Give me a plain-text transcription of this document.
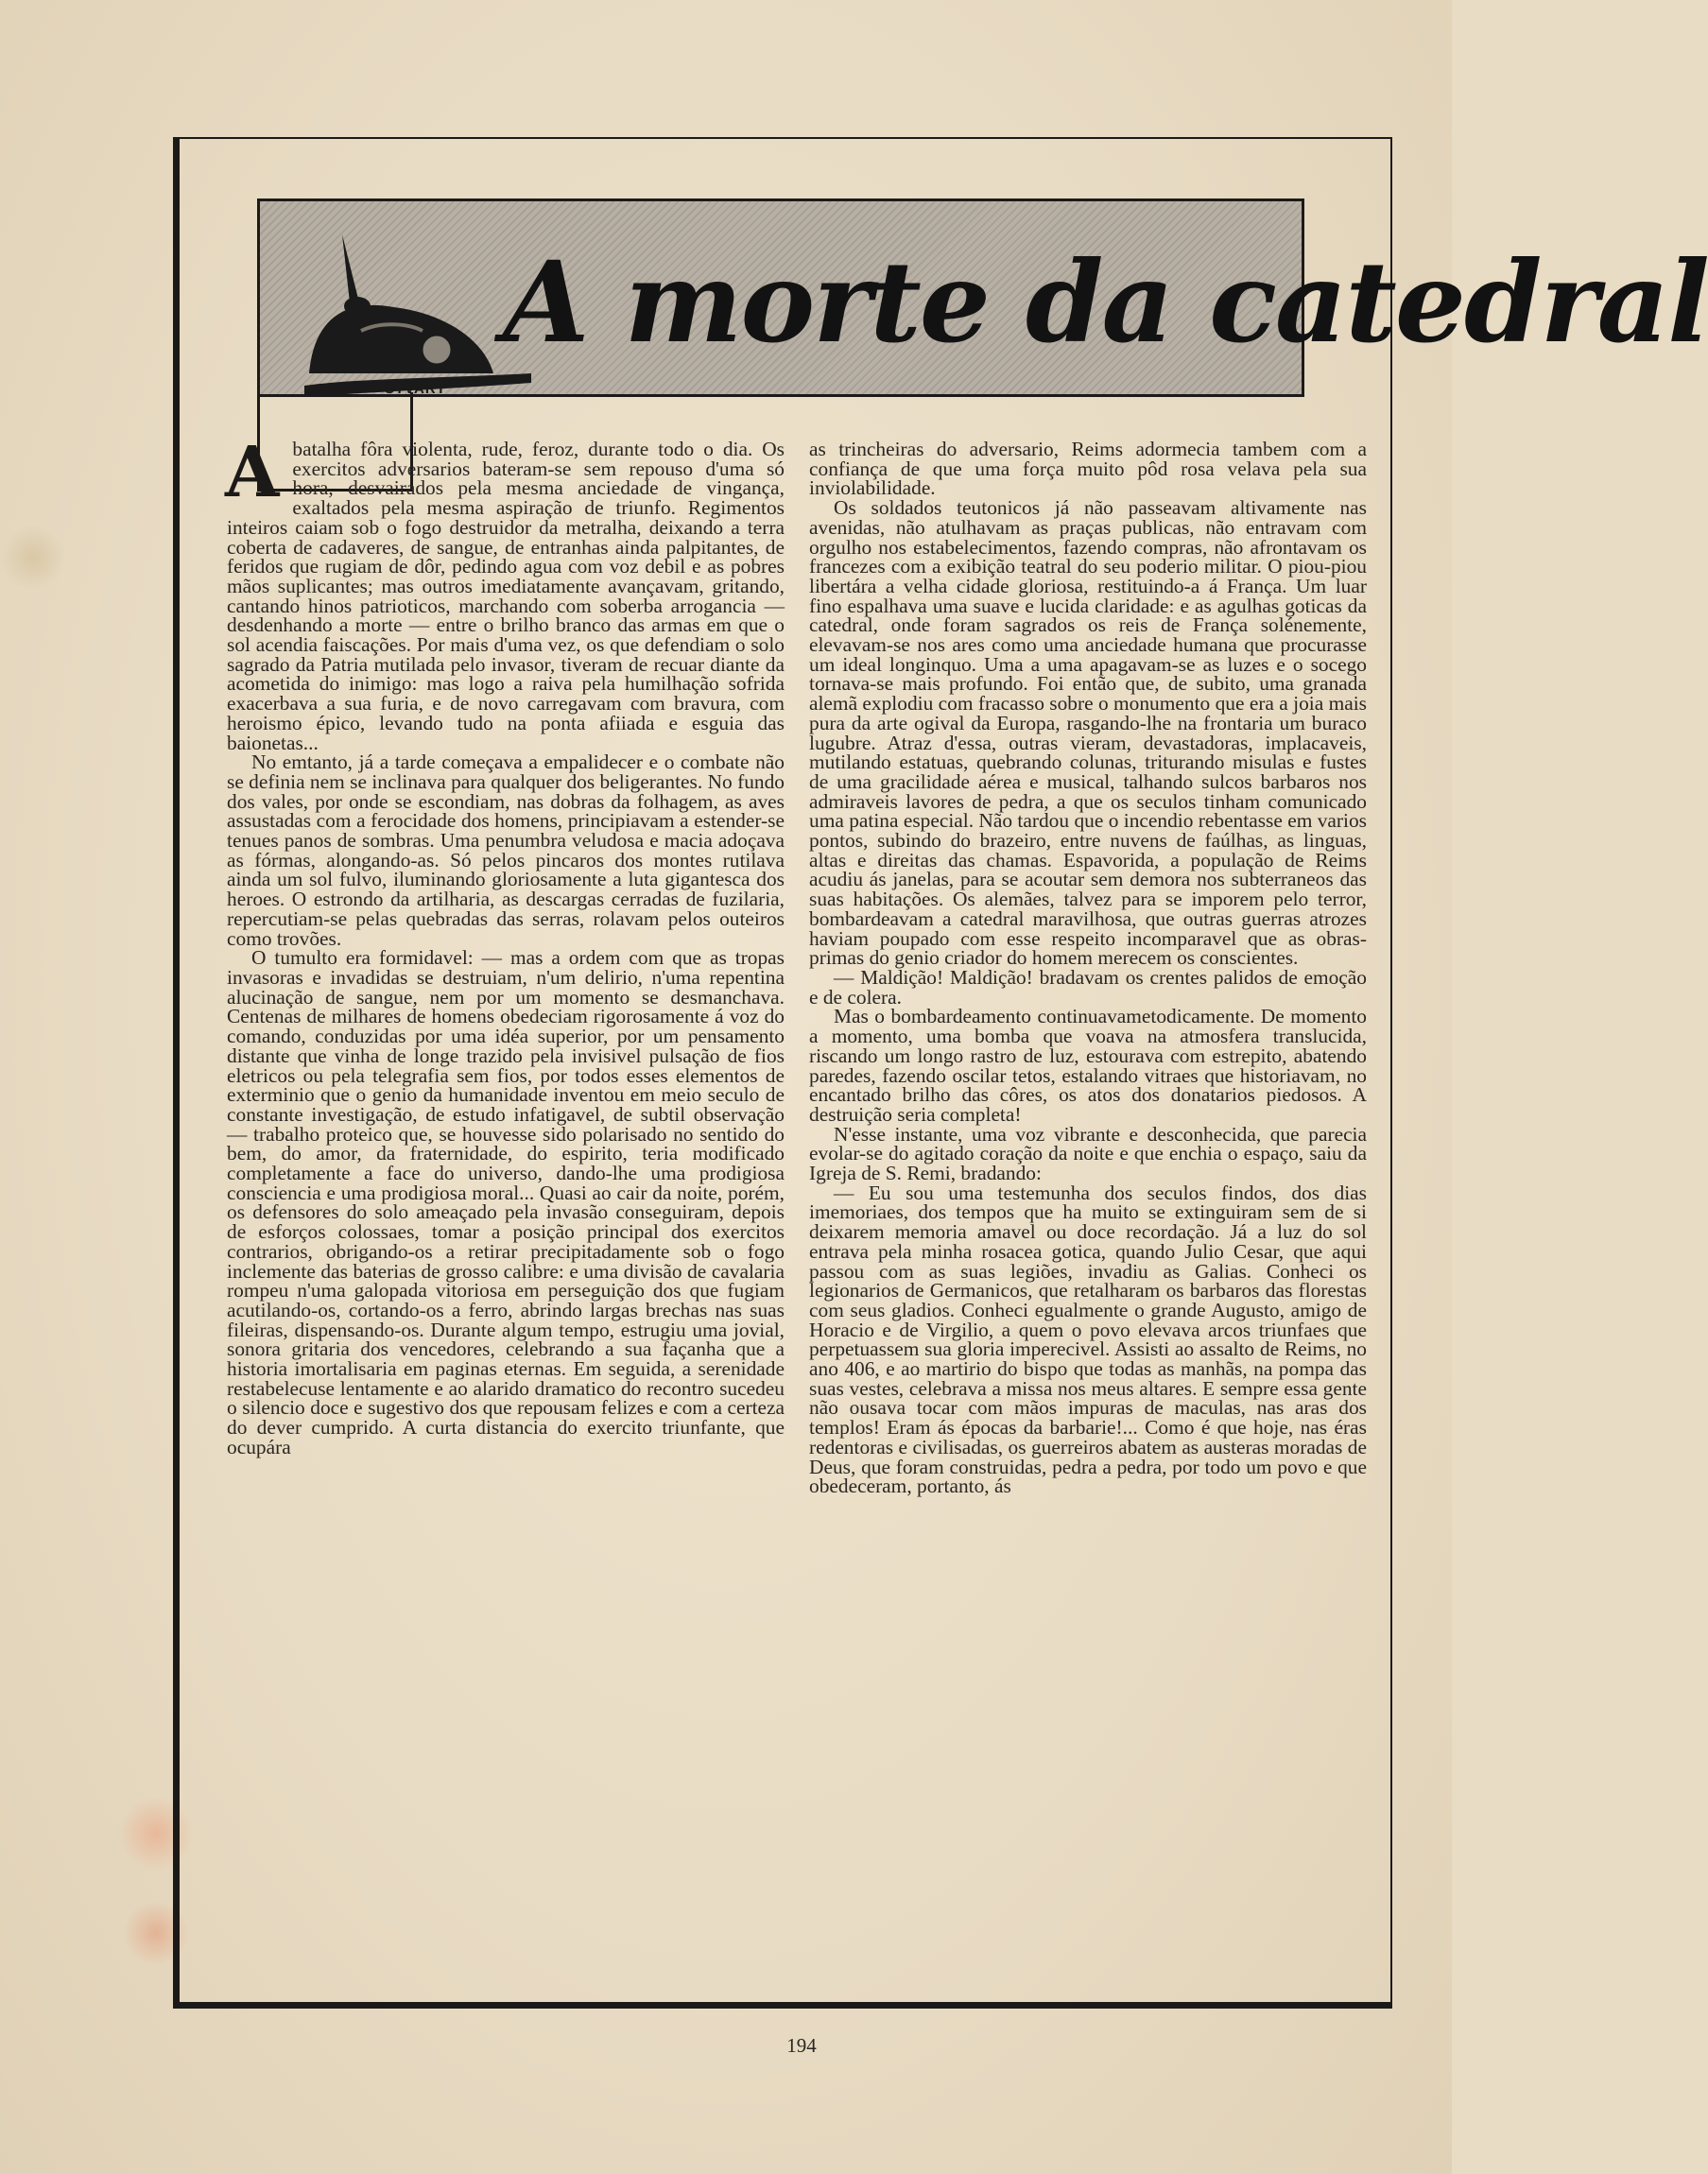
A morte da catedral
STVART

Abatalha fôra violenta, rude, feroz, durante todo o dia. Os exercitos adversarios bateram-se sem repouso d'uma só hora, desvairados pela mesma anciedade de vingança, exaltados pela mesma aspiração de triunfo. Regimentos inteiros caiam sob o fogo destruidor da metralha, deixando a terra coberta de cadaveres, de sangue, de entranhas ainda palpitantes, de feridos que rugiam de dôr, pedindo agua com voz debil e as pobres mãos suplicantes; mas outros imediatamente avançavam, gritando, cantando hinos patrioticos, marchando com soberba arrogancia — desdenhando a morte — entre o brilho branco das armas em que o sol acendia faiscações. Por mais d'uma vez, os que defendiam o solo sagrado da Patria mutilada pelo invasor, tiveram de recuar diante da acometida do inimigo: mas logo a raiva pela humilhação sofrida exacerbava a sua furia, e de novo carregavam com bravura, com heroismo épico, levando tudo na ponta afiiada e esguia das baionetas...

No emtanto, já a tarde começava a empalidecer e o combate não se definia nem se inclinava para qualquer dos beligerantes. No fundo dos vales, por onde se escondiam, nas dobras da folhagem, as aves assustadas com a ferocidade dos homens, principiavam a estender-se tenues panos de sombras. Uma penumbra veludosa e macia adoçava as fórmas, alongando-as. Só pelos pincaros dos montes rutilava ainda um sol fulvo, iluminando gloriosamente a luta gigantesca dos heroes. O estrondo da artilharia, as descargas cerradas de fuzilaria, repercutiam-se pelas quebradas das serras, rolavam pelos outeiros como trovões.

O tumulto era formidavel: — mas a ordem com que as tropas invasoras e invadidas se destruiam, n'um delirio, n'uma repentina alucinação de sangue, nem por um momento se desmanchava. Centenas de milhares de homens obedeciam rigorosamente á voz do comando, conduzidas por uma idéa superior, por um pensamento distante que vinha de longe trazido pela invisivel pulsação de fios eletricos ou pela telegrafia sem fios, por todos esses elementos de exterminio que o genio da humanidade inventou em meio seculo de constante investigação, de estudo infatigavel, de subtil observação — trabalho proteico que, se houvesse sido polarisado no sentido do bem, do amor, da fraternidade, do espirito, teria modificado completamente a face do universo, dando-lhe uma prodigiosa consciencia e uma prodigiosa moral... Quasi ao cair da noite, porém, os defensores do solo ameaçado pela invasão conseguiram, depois de esforços colossaes, tomar a posição principal dos exercitos contrarios, obrigando-os a retirar precipitadamente sob o fogo inclemente das baterias de grosso calibre: e uma divisão de cavalaria rompeu n'uma galopada vitoriosa em perseguição dos que fugiam acutilando-os, cortando-os a ferro, abrindo largas brechas nas suas fileiras, dispensando-os. Durante algum tempo, estrugiu uma jovial, sonora gritaria dos vencedores, celebrando a sua façanha que a historia imortalisaria em paginas eternas. Em seguida, a serenidade restabelecuse lentamente e ao alarido dramatico do recontro sucedeu o silencio doce e sugestivo dos que repousam felizes e com a certeza do dever cumprido. A curta distancia do exercito triunfante, que ocupára

as trincheiras do adversario, Reims adormecia tambem com a confiança de que uma força muito pôd rosa velava pela sua inviolabilidade.

Os soldados teutonicos já não passeavam altivamente nas avenidas, não atulhavam as praças publicas, não entravam com orgulho nos estabelecimentos, fazendo compras, não afrontavam os francezes com a exibição teatral do seu poderio militar. O piou-piou libertára a velha cidade gloriosa, restituindo-a á França. Um luar fino espalhava uma suave e lucida claridade: e as agulhas goticas da catedral, onde foram sagrados os reis de França solénemente, elevavam-se nos ares como uma anciedade humana que procurasse um ideal longinquo. Uma a uma apagavam-se as luzes e o socego tornava-se mais profundo. Foi então que, de subito, uma granada alemã explodiu com fracasso sobre o monumento que era a joia mais pura da arte ogival da Europa, rasgando-lhe na frontaria um buraco lugubre. Atraz d'essa, outras vieram, devastadoras, implacaveis, mutilando estatuas, quebrando colunas, triturando misulas e fustes de uma gracilidade aérea e musical, talhando sulcos barbaros nos admiraveis lavores de pedra, a que os seculos tinham comunicado uma patina especial. Não tardou que o incendio rebentasse em varios pontos, subindo do brazeiro, entre nuvens de faúlhas, as linguas, altas e direitas das chamas. Espavorida, a população de Reims acudiu ás janelas, para se acoutar sem demora nos subterraneos das suas habitações. Os alemães, talvez para se imporem pelo terror, bombardeavam a catedral maravilhosa, que outras guerras atrozes haviam poupado com esse respeito incomparavel que as obras-primas do genio criador do homem merecem os conscientes.

— Maldição! Maldição! bradavam os crentes palidos de emoção e de colera.

Mas o bombardeamento continuavametodicamente. De momento a momento, uma bomba que voava na atmosfera translucida, riscando um longo rastro de luz, estourava com estrepito, abatendo paredes, fazendo oscilar tetos, estalando vitraes que historiavam, no encantado brilho das côres, os atos dos donatarios piedosos. A destruição seria completa!

N'esse instante, uma voz vibrante e desconhecida, que parecia evolar-se do agitado coração da noite e que enchia o espaço, saiu da Igreja de S. Remi, bradando:

— Eu sou uma testemunha dos seculos findos, dos dias imemoriaes, dos tempos que ha muito se extinguiram sem de si deixarem memoria amavel ou doce recordação. Já a luz do sol entrava pela minha rosacea gotica, quando Julio Cesar, que aqui passou com as suas legiões, invadiu as Galias. Conheci os legionarios de Germanicos, que retalharam os barbaros das florestas com seus gladios. Conheci egualmente o grande Augusto, amigo de Horacio e de Virgilio, a quem o povo elevava arcos triunfaes que perpetuassem sua gloria imperecivel. Assisti ao assalto de Reims, no ano 406, e ao martirio do bispo que todas as manhãs, na pompa das suas vestes, celebrava a missa nos meus altares. E sempre essa gente não ousava tocar com mãos impuras de maculas, nas aras dos templos! Eram ás épocas da barbarie!... Como é que hoje, nas éras redentoras e civilisadas, os guerreiros abatem as austeras moradas de Deus, que foram construidas, pedra a pedra, por todo um povo e que obedeceram, portanto, ás

194
